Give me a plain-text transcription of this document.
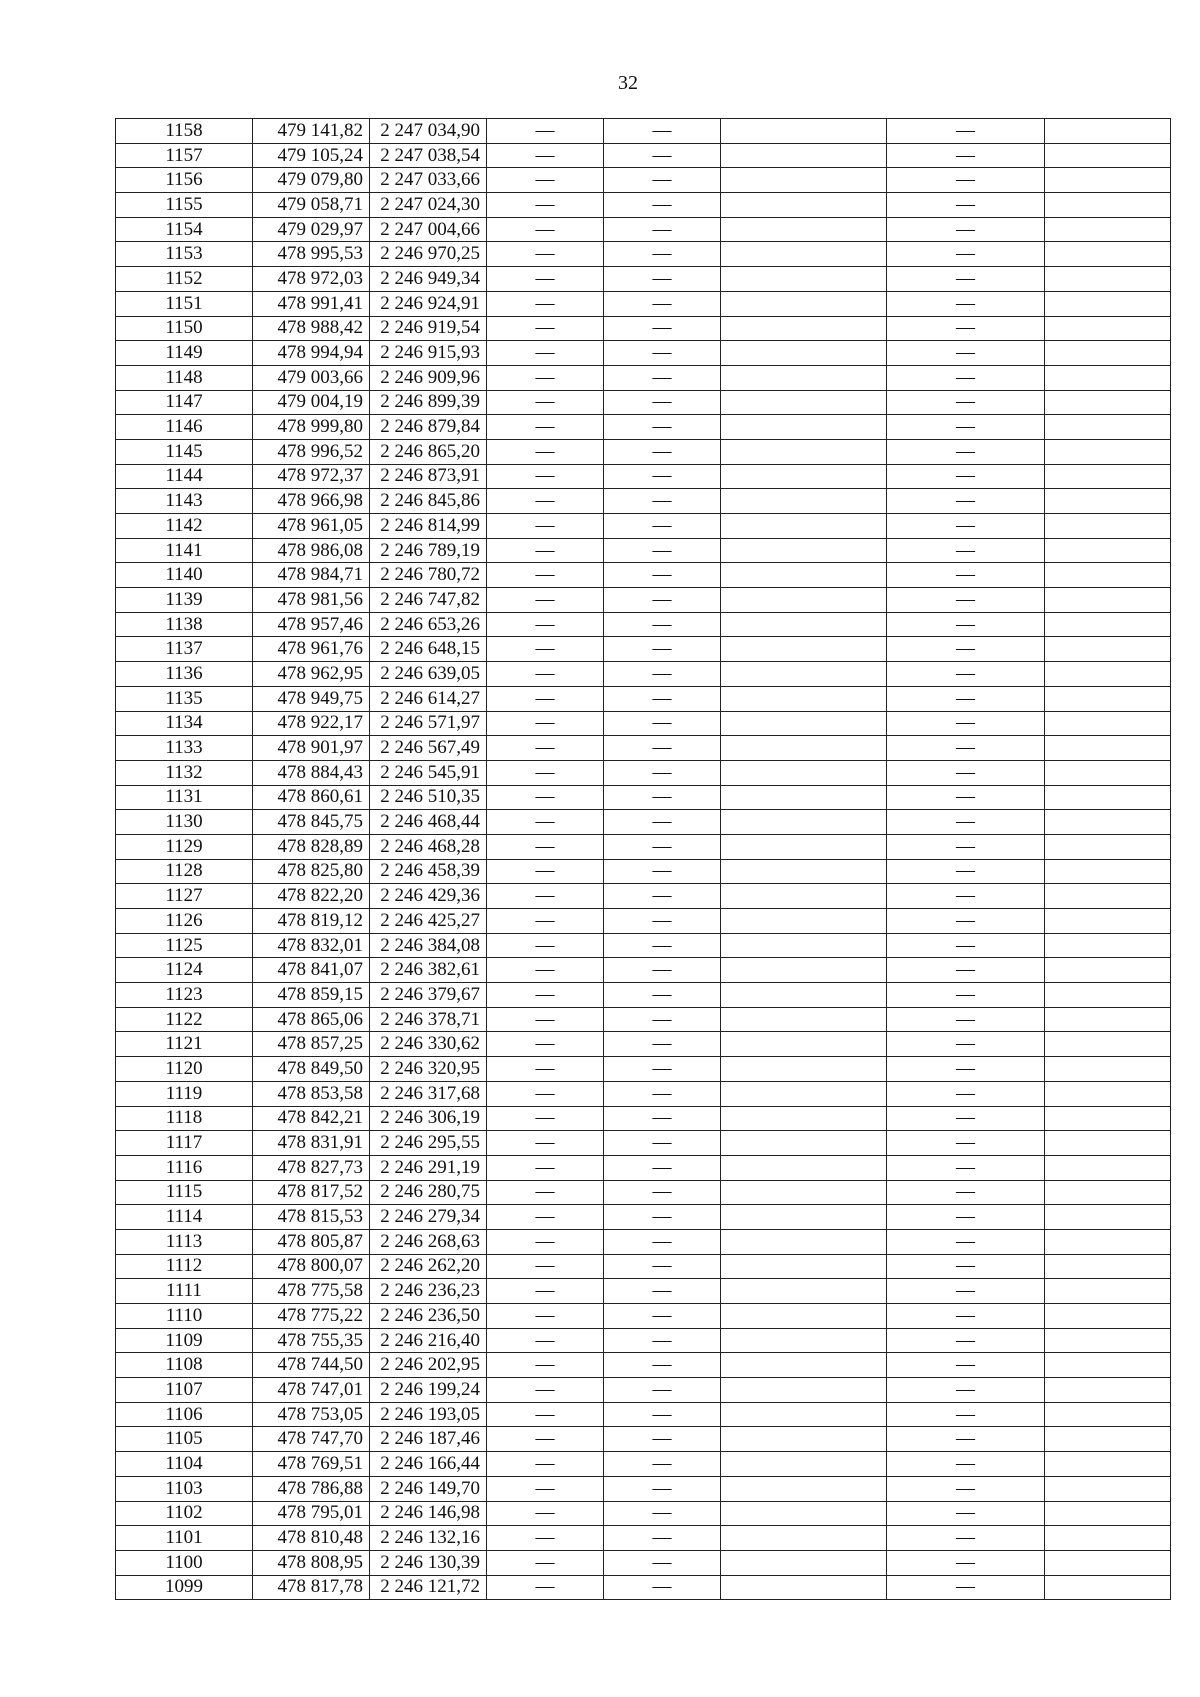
32
1158	479 141,82	2 247 034,90	—	—		—	
1157	479 105,24	2 247 038,54	—	—		—	
1156	479 079,80	2 247 033,66	—	—		—	
1155	479 058,71	2 247 024,30	—	—		—	
1154	479 029,97	2 247 004,66	—	—		—	
1153	478 995,53	2 246 970,25	—	—		—	
1152	478 972,03	2 246 949,34	—	—		—	
1151	478 991,41	2 246 924,91	—	—		—	
1150	478 988,42	2 246 919,54	—	—		—	
1149	478 994,94	2 246 915,93	—	—		—	
1148	479 003,66	2 246 909,96	—	—		—	
1147	479 004,19	2 246 899,39	—	—		—	
1146	478 999,80	2 246 879,84	—	—		—	
1145	478 996,52	2 246 865,20	—	—		—	
1144	478 972,37	2 246 873,91	—	—		—	
1143	478 966,98	2 246 845,86	—	—		—	
1142	478 961,05	2 246 814,99	—	—		—	
1141	478 986,08	2 246 789,19	—	—		—	
1140	478 984,71	2 246 780,72	—	—		—	
1139	478 981,56	2 246 747,82	—	—		—	
1138	478 957,46	2 246 653,26	—	—		—	
1137	478 961,76	2 246 648,15	—	—		—	
1136	478 962,95	2 246 639,05	—	—		—	
1135	478 949,75	2 246 614,27	—	—		—	
1134	478 922,17	2 246 571,97	—	—		—	
1133	478 901,97	2 246 567,49	—	—		—	
1132	478 884,43	2 246 545,91	—	—		—	
1131	478 860,61	2 246 510,35	—	—		—	
1130	478 845,75	2 246 468,44	—	—		—	
1129	478 828,89	2 246 468,28	—	—		—	
1128	478 825,80	2 246 458,39	—	—		—	
1127	478 822,20	2 246 429,36	—	—		—	
1126	478 819,12	2 246 425,27	—	—		—	
1125	478 832,01	2 246 384,08	—	—		—	
1124	478 841,07	2 246 382,61	—	—		—	
1123	478 859,15	2 246 379,67	—	—		—	
1122	478 865,06	2 246 378,71	—	—		—	
1121	478 857,25	2 246 330,62	—	—		—	
1120	478 849,50	2 246 320,95	—	—		—	
1119	478 853,58	2 246 317,68	—	—		—	
1118	478 842,21	2 246 306,19	—	—		—	
1117	478 831,91	2 246 295,55	—	—		—	
1116	478 827,73	2 246 291,19	—	—		—	
1115	478 817,52	2 246 280,75	—	—		—	
1114	478 815,53	2 246 279,34	—	—		—	
1113	478 805,87	2 246 268,63	—	—		—	
1112	478 800,07	2 246 262,20	—	—		—	
1111	478 775,58	2 246 236,23	—	—		—	
1110	478 775,22	2 246 236,50	—	—		—	
1109	478 755,35	2 246 216,40	—	—		—	
1108	478 744,50	2 246 202,95	—	—		—	
1107	478 747,01	2 246 199,24	—	—		—	
1106	478 753,05	2 246 193,05	—	—		—	
1105	478 747,70	2 246 187,46	—	—		—	
1104	478 769,51	2 246 166,44	—	—		—	
1103	478 786,88	2 246 149,70	—	—		—	
1102	478 795,01	2 246 146,98	—	—		—	
1101	478 810,48	2 246 132,16	—	—		—	
1100	478 808,95	2 246 130,39	—	—		—	
1099	478 817,78	2 246 121,72	—	—		—	
